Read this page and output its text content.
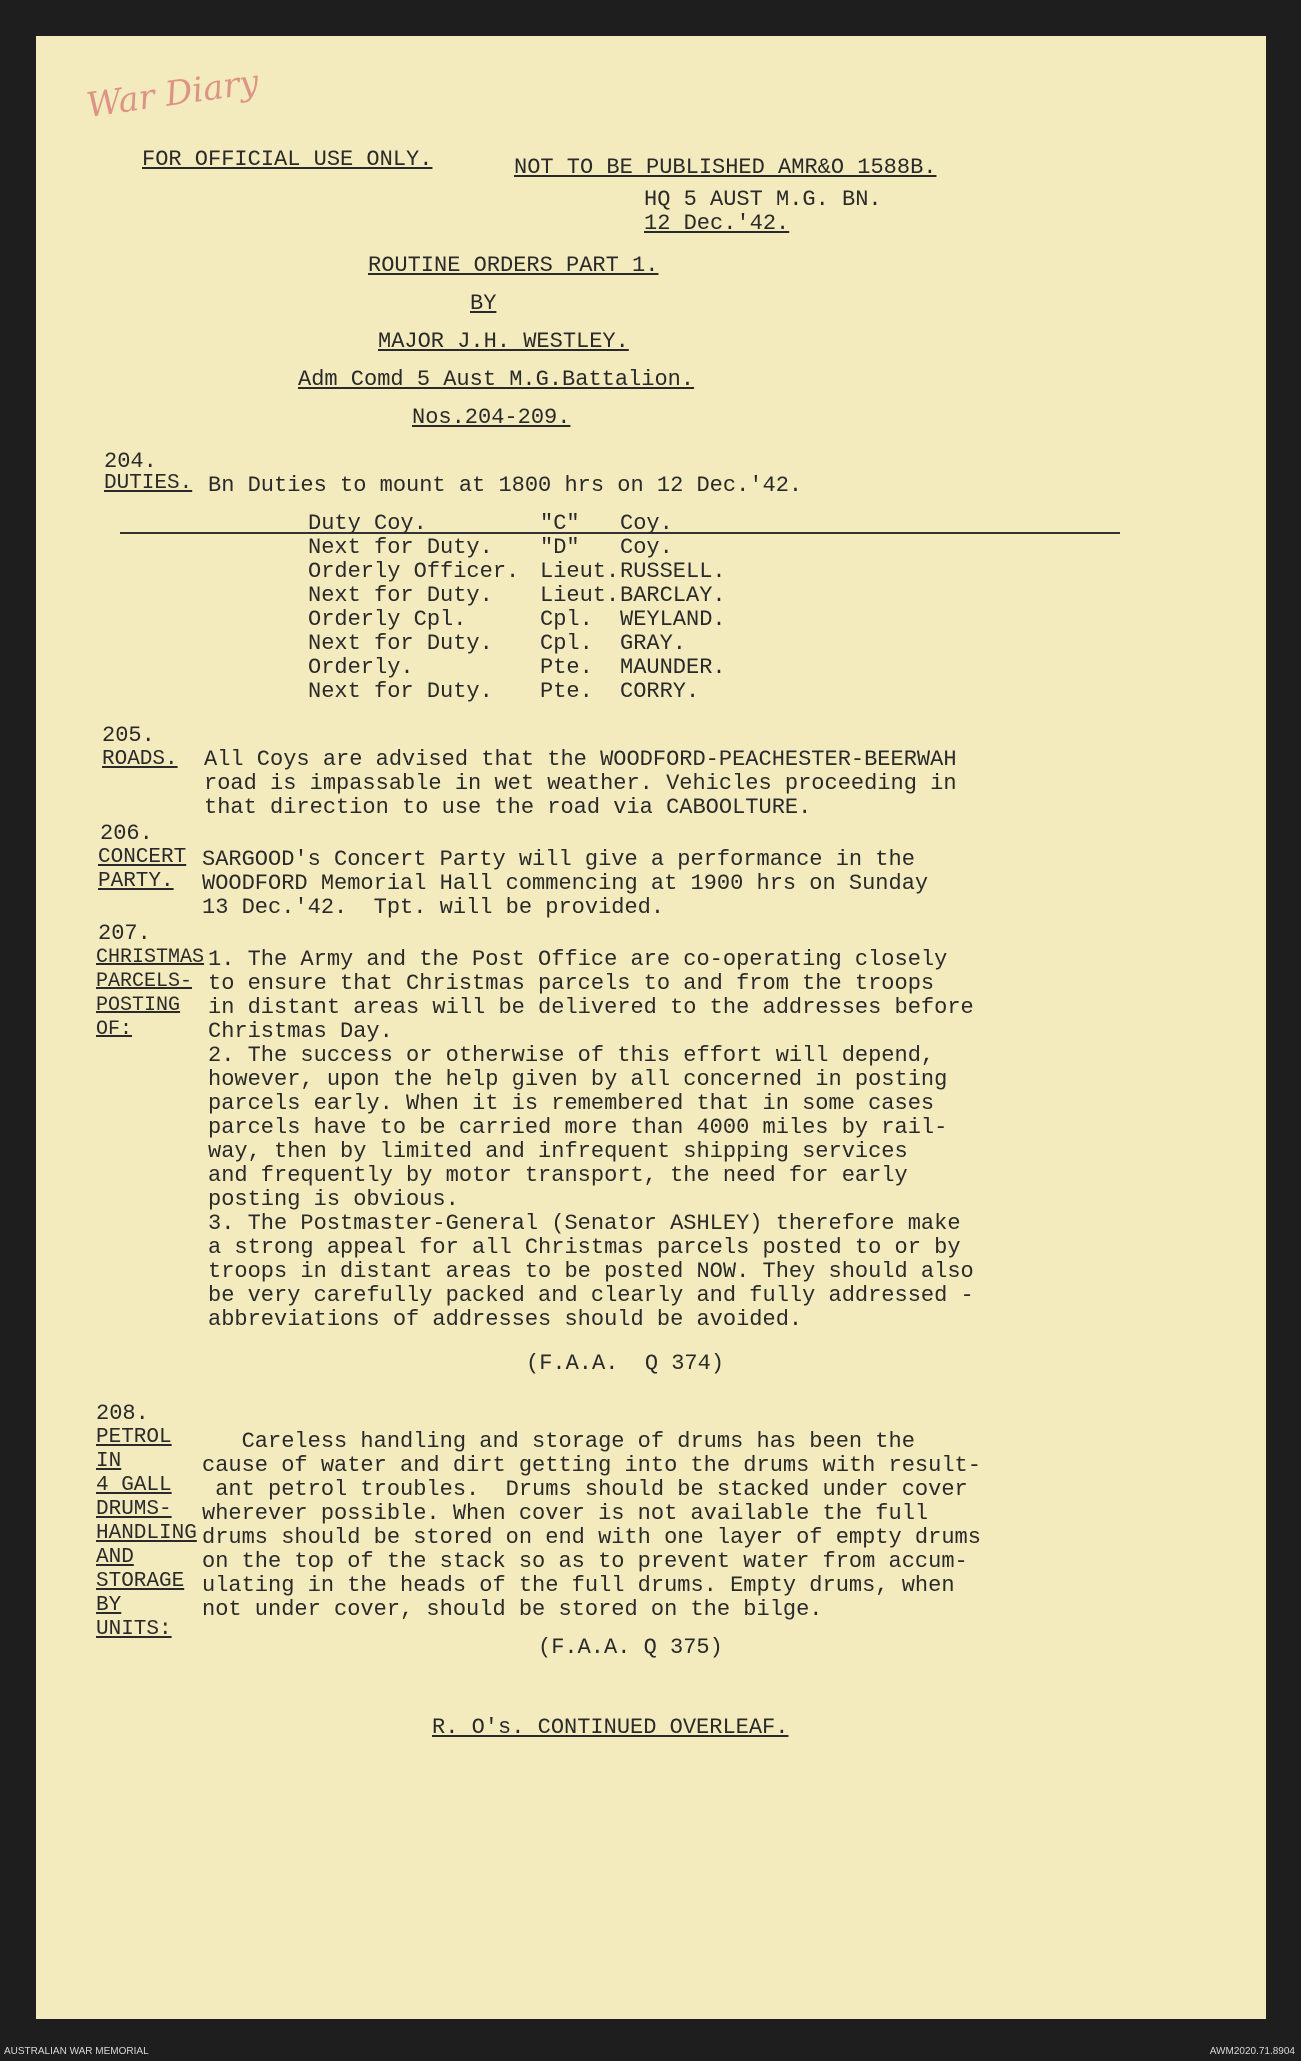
War Diary
FOR OFFICIAL USE ONLY.	NOT TO BE PUBLISHED AMR&O 1588B.
HQ 5 AUST M.G. BN.
12 Dec.'42.
ROUTINE ORDERS PART 1.
BY
MAJOR J.H. WESTLEY.
Adm Comd 5 Aust M.G.Battalion.
Nos.204-209.
204.
DUTIES. Bn Duties to mount at 1800 hrs on 12 Dec.'42.
Duty Coy.	"C" Coy.
Next for Duty. "D" Coy.
Orderly Officer. Lieut. RUSSELL.
Next for Duty. Lieut. BARCLAY.
Orderly Cpl.	Cpl. WEYLAND.
Next for Duty. Cpl. GRAY.
Orderly.	Pte. MAUNDER.
Next for Duty. Pte. CORRY.
205.
ROADS. All Coys are advised that the WOODFORD-PEACHESTER-BEERWAH
road is impassable in wet weather. Vehicles proceeding in
that direction to use the road via CABOOLTURE.
206.
CONCERT
PARTY.
SARGOOD's Concert Party will give a performance in the
WOODFORD Memorial Hall commencing at 1900 hrs on Sunday
13 Dec.'42.  Tpt. will be provided.
207.
CHRISTMAS
PARCELS-
POSTING
OF:
1. The Army and the Post Office are co-operating closely
to ensure that Christmas parcels to and from the troops
in distant areas will be delivered to the addresses before
Christmas Day.
2. The success or otherwise of this effort will depend,
however, upon the help given by all concerned in posting
parcels early. When it is remembered that in some cases
parcels have to be carried more than 4000 miles by rail-
way, then by limited and infrequent shipping services
and frequently by motor transport, the need for early
posting is obvious.
3. The Postmaster-General (Senator ASHLEY) therefore make
a strong appeal for all Christmas parcels posted to or by
troops in distant areas to be posted NOW. They should also
be very carefully packed and clearly and fully addressed -
abbreviations of addresses should be avoided.
(F.A.A.  Q 374)
208.
PETROL
IN
4 GALL
DRUMS-
HANDLING
AND
STORAGE
BY
UNITS:
Careless handling and storage of drums has been the
cause of water and dirt getting into the drums with result-
ant petrol troubles.  Drums should be stacked under cover
wherever possible. When cover is not available the full
drums should be stored on end with one layer of empty drums
on the top of the stack so as to prevent water from accum-
ulating in the heads of the full drums. Empty drums, when
not under cover, should be stored on the bilge.
(F.A.A. Q 375)
R. O's. CONTINUED OVERLEAF.
AUSTRALIAN WAR MEMORIAL	AWM2020.71.8904
